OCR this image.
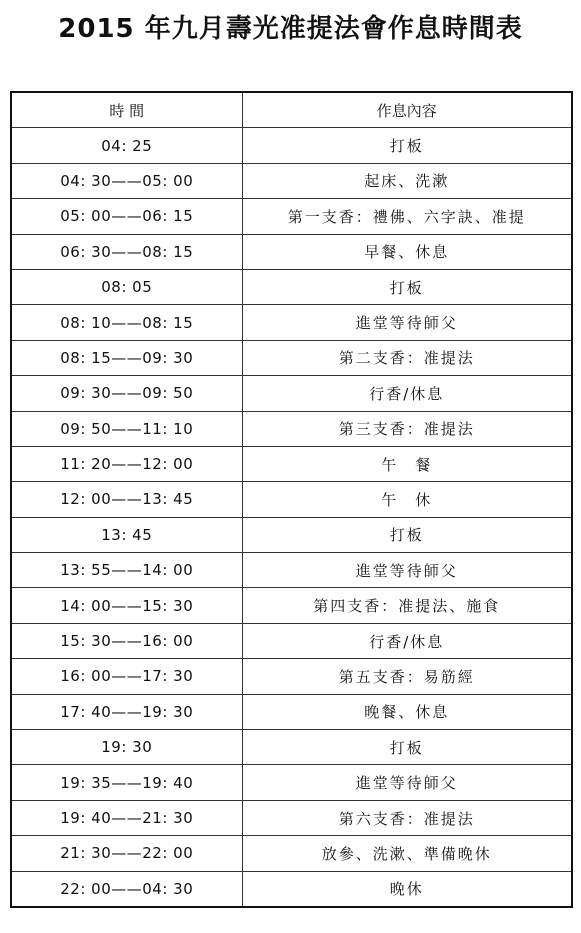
2015 年九月壽光准提法會作息時間表
時 間	作息內容
04: 25	打板
04: 30——05: 00	起床、洗漱
05: 00——06: 15	第一支香：禮佛、六字訣、准提
06: 30——08: 15	早餐、休息
08: 05	打板
08: 10——08: 15	進堂等待師父
08: 15——09: 30	第二支香：准提法
09: 30——09: 50	行香/休息
09: 50——11: 10	第三支香：准提法
11: 20——12: 00	午　餐
12: 00——13: 45	午　休
13: 45	打板
13: 55——14: 00	進堂等待師父
14: 00——15: 30	第四支香：准提法、施食
15: 30——16: 00	行香/休息
16: 00——17: 30	第五支香：易筋經
17: 40——19: 30	晚餐、休息
19: 30	打板
19: 35——19: 40	進堂等待師父
19: 40——21: 30	第六支香：准提法
21: 30——22: 00	放參、洗漱、準備晚休
22: 00——04: 30	晚休
